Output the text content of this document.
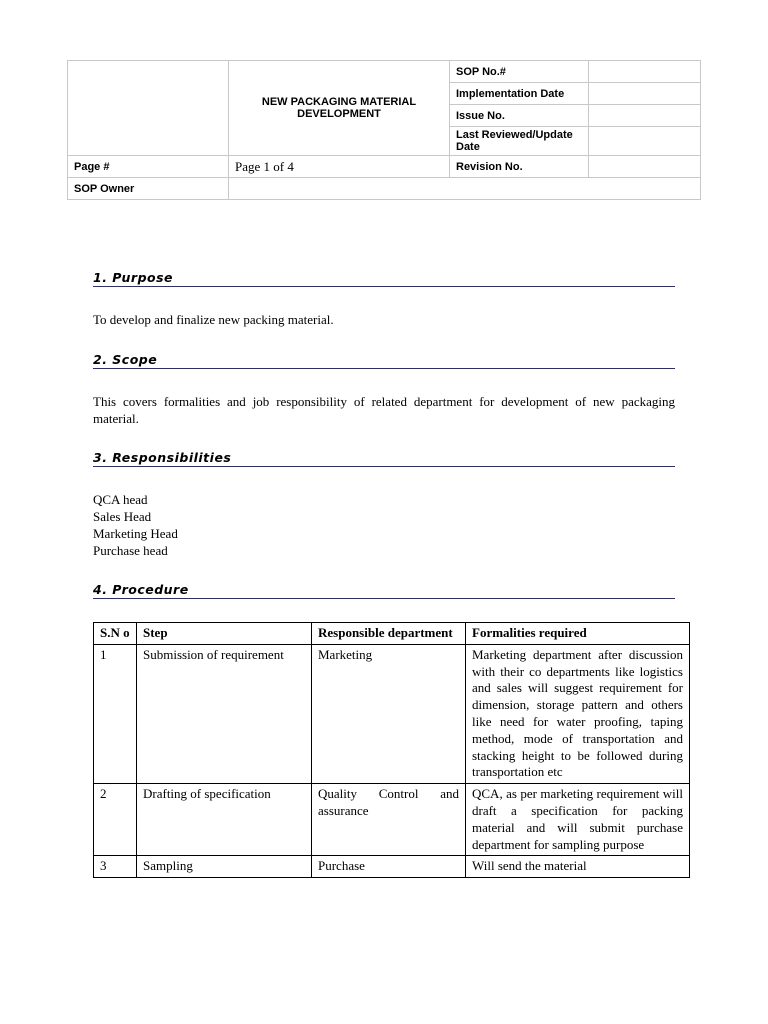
	NEW PACKAGING MATERIAL DEVELOPMENT	SOP No.#	
		Implementation Date	
		Issue No.	
		Last Reviewed/Update Date	
Page #	Page 1 of 4	Revision No.	
SOP Owner			
1. Purpose
To develop and finalize new packing material.
2. Scope
This covers formalities and job responsibility of related department for development of new packaging material.
3. Responsibilities
QCA head
Sales Head
Marketing Head
Purchase head
4. Procedure
S.N o	Step	Responsible department	Formalities required
1	Submission of requirement	Marketing	Marketing department after discussion with their co departments like logistics and sales will suggest requirement for dimension, storage pattern and others like need for water proofing, taping method, mode of transportation and stacking height to be followed during transportation etc
2	Drafting of specification	Quality Control and assurance	QCA, as per marketing requirement will draft a specification for packing material and will submit purchase department for sampling purpose
3	Sampling	Purchase	Will send the material
